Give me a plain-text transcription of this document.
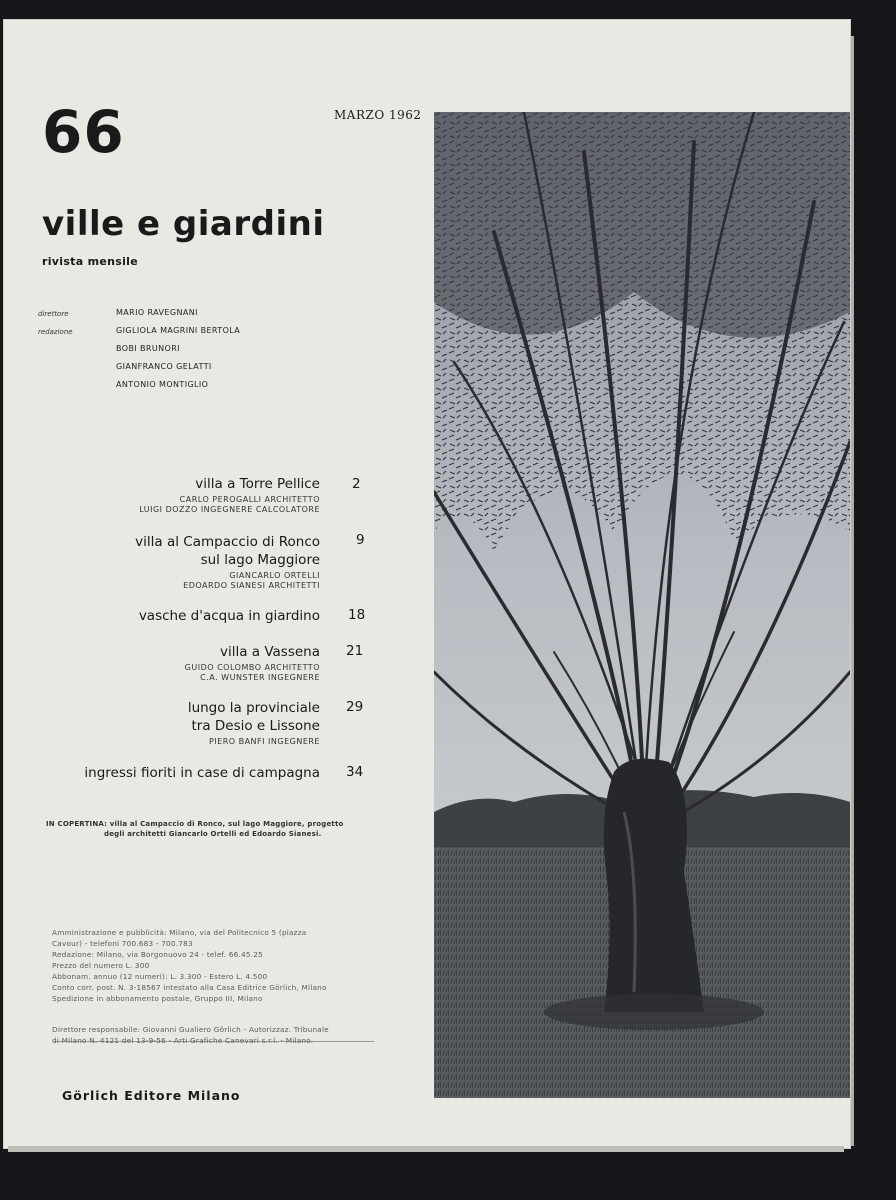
66	MARZO 1962
ville e giardini
rivista mensile
direttore	MARIO RAVEGNANI
redazione	GIGLIOLA MAGRINI BERTOLA
BOBI BRUNORI
GIANFRANCO GELATTI
ANTONIO MONTIGLIO
villa a Torre Pellice 2
CARLO PEROGALLI ARCHITETTO
LUIGI DOZZO INGEGNERE CALCOLATORE
villa al Campaccio di Ronco	9
sul lago Maggiore
GIANCARLO ORTELLI
EDOARDO SIANESI ARCHITETTI
vasche d'acqua in giardino 18
villa a Vassena 21
GUIDO COLOMBO ARCHITETTO
C.A. WUNSTER INGEGNERE
lungo la provinciale 29
tra Desio e Lissone
PIERO BANFI INGEGNERE
ingressi fioriti in case di campagna 34
IN COPERTINA: villa al Campaccio di Ronco, sul lago Maggiore, progetto
degli architetti Giancarlo Ortelli ed Edoardo Sianesi.
Amministrazione e pubblicità: Milano, via del Politecnico 5 (piazza
Cavour) - telefoni 700.683 - 700.783
Redazione: Milano, via Borgonuovo 24 - telef. 66.45.25
Prezzo del numero L. 300
Abbonam. annuo (12 numeri): L. 3.300 - Estero L. 4.500
Conto corr. post. N. 3-18567 intestato alla Casa Editrice Görlich, Milano
Spedizione in abbonamento postale, Gruppo III, Milano
Direttore responsabile: Giovanni Gualiero Görlich - Autorizzaz. Tribunale
di Milano N. 4121 del 13-9-56 - Arti Grafiche Canevari s.r.l. - Milano.
Görlich Editore Milano
